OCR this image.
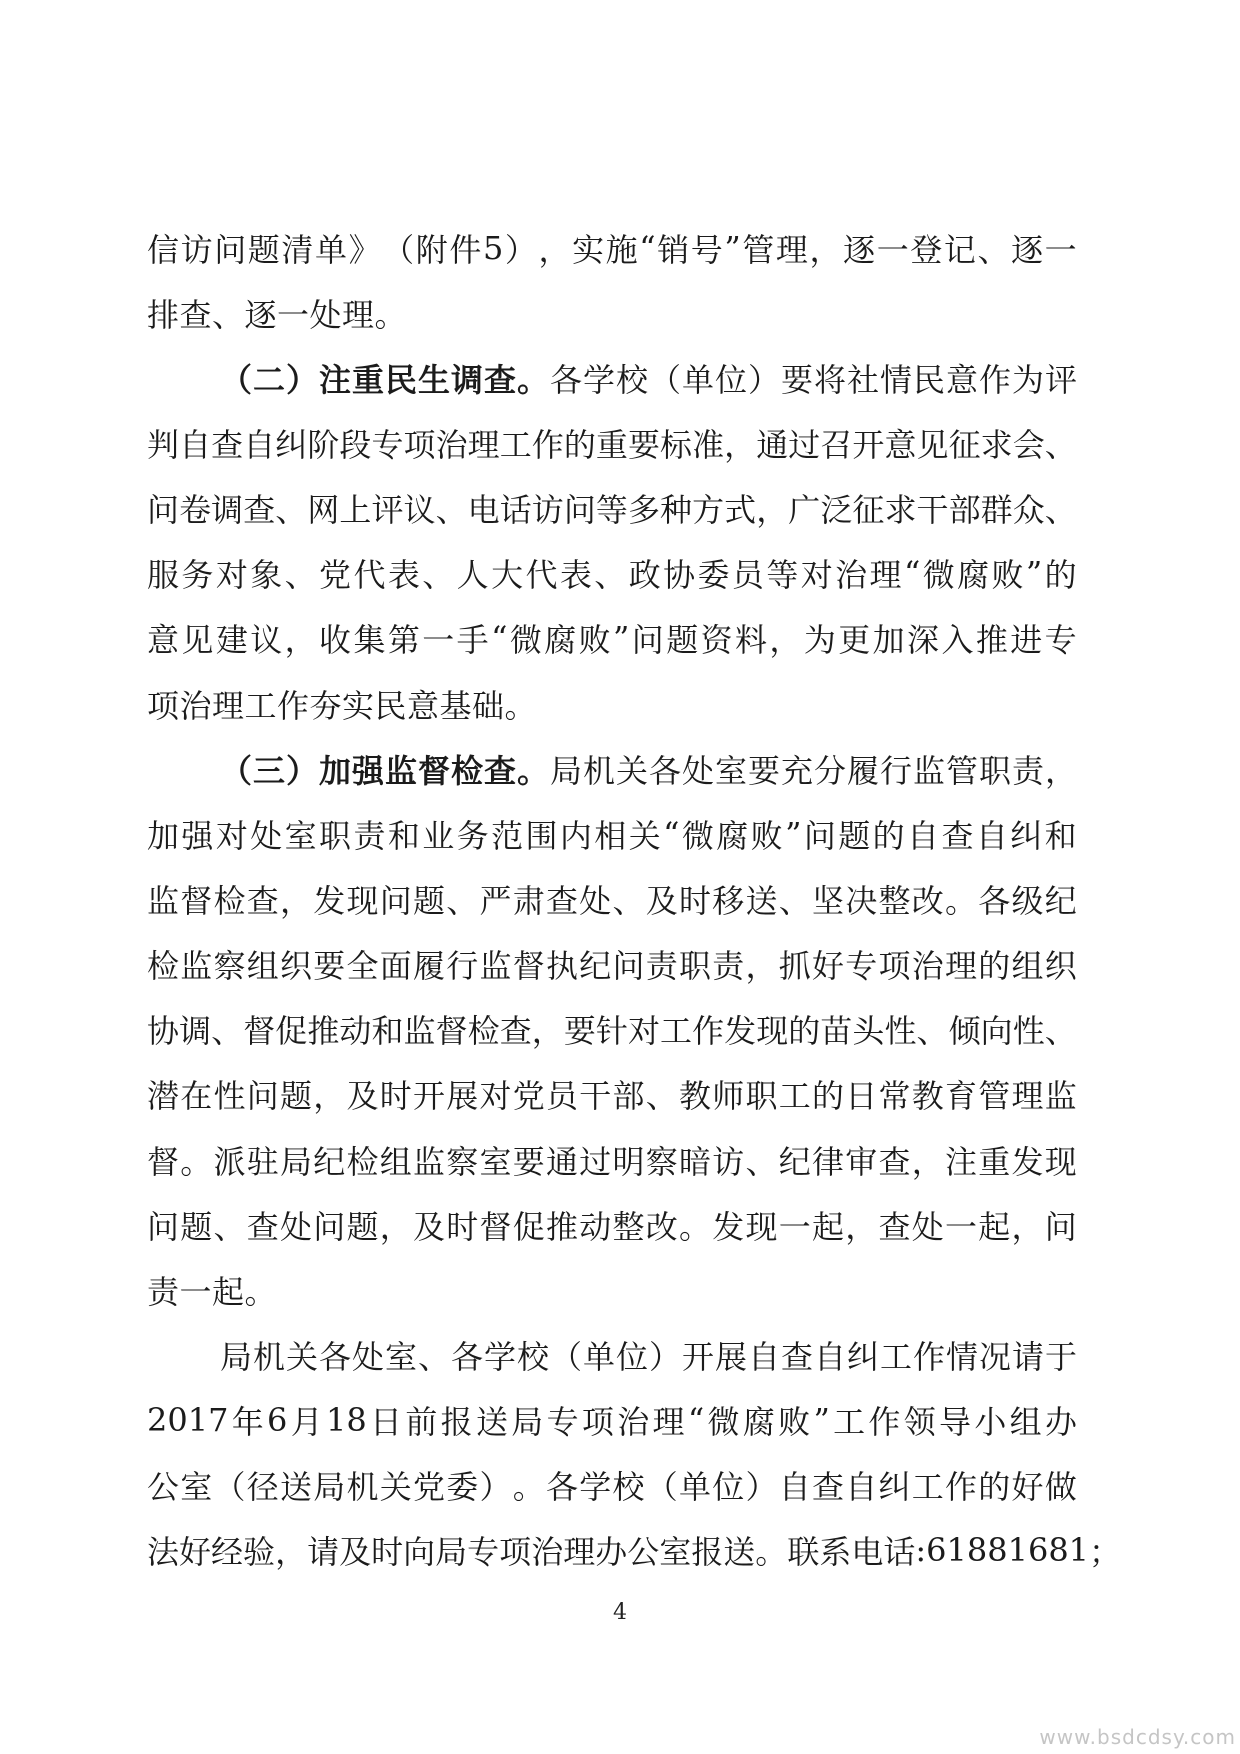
信 访 问 题 清 单 》 （ 附 件 5 ） ， 实 施 “ 销 号 ” 管 理 ， 逐 一 登 记 、 逐 一
排查、逐一处理。
（ 二 ） 注 重 民 生 调 查 。 各 学 校 （ 单 位 ） 要 将 社 情 民 意 作 为 评
判 自 查 自 纠 阶 段 专 项 治 理 工 作 的 重 要 标 准 ， 通 过 召 开 意 见 征 求 会 、
问 卷 调 查 、 网 上 评 议 、 电 话 访 问 等 多 种 方 式 ， 广 泛 征 求 干 部 群 众 、
服 务 对 象 、 党 代 表 、 人 大 代 表 、 政 协 委 员 等 对 治 理 “ 微 腐 败 ” 的
意 见 建 议 ， 收 集 第 一 手 “ 微 腐 败 ” 问 题 资 料 ， 为 更 加 深 入 推 进 专
项治理工作夯实民意基础。
（ 三 ） 加 强 监 督 检 查 。 局 机 关 各 处 室 要 充 分 履 行 监 管 职 责 ，
加 强 对 处 室 职 责 和 业 务 范 围 内 相 关 “ 微 腐 败 ” 问 题 的 自 查 自 纠 和
监 督 检 查 ， 发 现 问 题 、 严 肃 查 处 、 及 时 移 送 、 坚 决 整 改 。 各 级 纪
检 监 察 组 织 要 全 面 履 行 监 督 执 纪 问 责 职 责 ， 抓 好 专 项 治 理 的 组 织
协 调 、 督 促 推 动 和 监 督 检 查 ， 要 针 对 工 作 发 现 的 苗 头 性 、 倾 向 性 、
潜 在 性 问 题 ， 及 时 开 展 对 党 员 干 部 、 教 师 职 工 的 日 常 教 育 管 理 监
督 。 派 驻 局 纪 检 组 监 察 室 要 通 过 明 察 暗 访 、 纪 律 审 查 ， 注 重 发 现
问 题 、 查 处 问 题 ， 及 时 督 促 推 动 整 改 。 发 现 一 起 ， 查 处 一 起 ， 问
责一起。
局 机 关 各 处 室 、 各 学 校 （ 单 位 ） 开 展 自 查 自 纠 工 作 情 况 请 于
2017 年 6 月 18 日 前 报 送 局 专 项 治 理 “ 微 腐 败 ” 工 作 领 导 小 组 办
公 室 （ 径 送 局 机 关 党 委 ） 。 各 学 校 （ 单 位 ） 自 查 自 纠 工 作 的 好 做
法 好 经 验 ， 请 及 时 向 局 专 项 治 理 办 公 室 报 送 。 联 系 电 话 :61881681 ；
4
www.bsdcdsy.com
